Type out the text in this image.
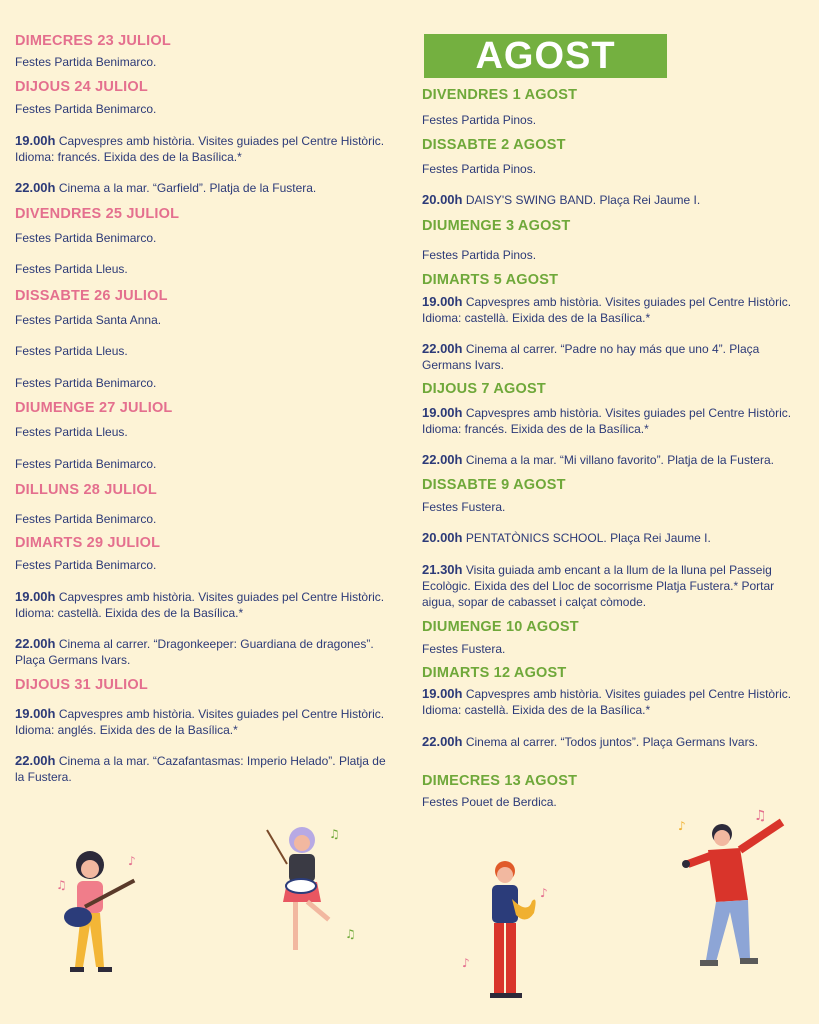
AGOST
DIMECRES 23 JULIOL
Festes Partida Benimarco.
DIJOUS 24 JULIOL
Festes Partida Benimarco.
19.00h Capvespres amb història. Visites guiades pel Centre Històric. Idioma: francés. Eixida des de la Basílica.*
22.00h Cinema a la mar. “Garfield”. Platja de la Fustera.
DIVENDRES 25 JULIOL
Festes Partida Benimarco.
Festes Partida Lleus.
DISSABTE 26 JULIOL
Festes Partida Santa Anna.
Festes Partida Lleus.
Festes Partida Benimarco.
DIUMENGE 27 JULIOL
Festes Partida Lleus.
Festes Partida Benimarco.
DILLUNS 28 JULIOL
Festes Partida Benimarco.
DIMARTS 29 JULIOL
Festes Partida Benimarco.
19.00h Capvespres amb història. Visites guiades pel Centre Històric. Idioma: castellà. Eixida des de la Basílica.*
22.00h Cinema al carrer. “Dragonkeeper: Guardiana de dragones”. Plaça Germans Ivars.
DIJOUS 31 JULIOL
19.00h Capvespres amb història. Visites guiades pel Centre Històric. Idioma: anglés. Eixida des de la Basílica.*
22.00h Cinema a la mar. “Cazafantasmas: Imperio Helado”. Platja de la Fustera.
DIVENDRES 1 AGOST
Festes Partida Pinos.
DISSABTE 2 AGOST
Festes Partida Pinos.
20.00h DAISY'S SWING BAND. Plaça Rei Jaume I.
DIUMENGE 3 AGOST
Festes Partida Pinos.
DIMARTS 5 AGOST
19.00h Capvespres amb història. Visites guiades pel Centre Històric. Idioma: castellà. Eixida des de la Basílica.*
22.00h Cinema al carrer. “Padre no hay más que uno 4”. Plaça Germans Ivars.
DIJOUS 7 AGOST
19.00h Capvespres amb història. Visites guiades pel Centre Històric. Idioma: francés. Eixida des de la Basílica.*
22.00h Cinema a la mar. “Mi villano favorito”. Platja de la Fustera.
DISSABTE 9 AGOST
Festes Fustera.
20.00h PENTATÒNICS SCHOOL. Plaça Rei Jaume I.
21.30h Visita guiada amb encant a la llum de la lluna pel Passeig Ecològic. Eixida des del Lloc de socorrisme Platja Fustera.* Portar aigua, sopar de cabasset i calçat còmode.
DIUMENGE 10 AGOST
Festes Fustera.
DIMARTS 12 AGOST
19.00h Capvespres amb història. Visites guiades pel Centre Històric. Idioma: castellà. Eixida des de la Basílica.*
22.00h Cinema al carrer. “Todos juntos”. Plaça Germans Ivars.
DIMECRES 13 AGOST
Festes Pouet de Berdica.
♪
♫
♫
♫
♪
♪
♫
♪
